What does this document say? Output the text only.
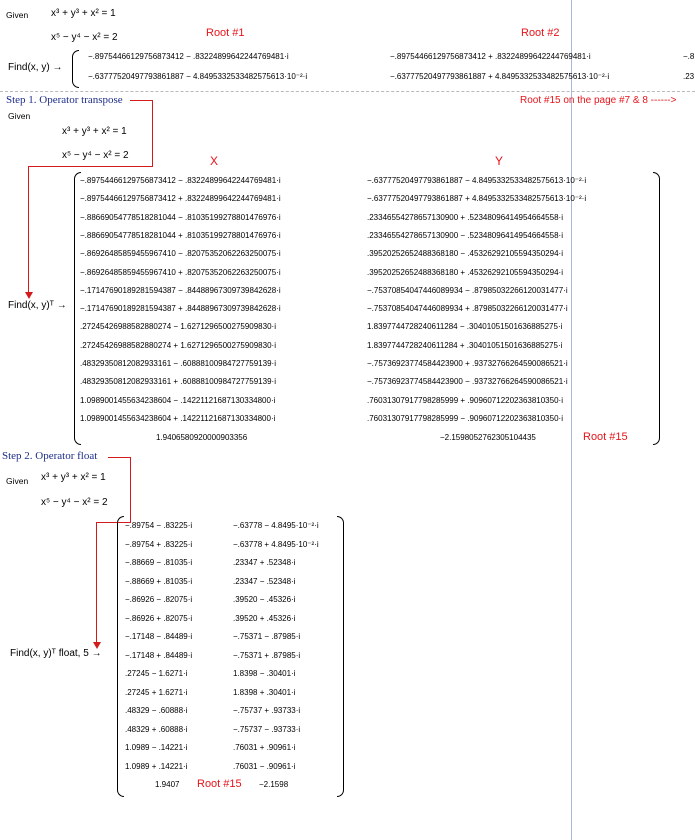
Given x³ + y³ + x² = 1
x⁵ − y⁴ − x² = 2	Root #1	Root #2
Find(x, y) →
−.89754466129756873412 − .83224899642244769481·i	−.89754466129756873412 + .83224899642244769481·i	−.8
−.63777520497793861887 − 4.8495332533482575613·10⁻²·i	−.63777520497793861887 + 4.8495332533482575613·10⁻²·i	.23
Step 1. Operator transpose	Root #15 on the page #7 & 8 ------>
Given
x³ + y³ + x² = 1
x⁵ − y⁴ − x² = 2	X	Y
Find(x, y)ᵀ →
−.89754466129756873412 − .83224899642244769481·i	−.63777520497793861887 − 4.8495332533482575613·10⁻²·i
−.89754466129756873412 + .83224899642244769481·i	−.63777520497793861887 + 4.8495332533482575613·10⁻²·i
−.88669054778518281044 − .81035199278801476976·i	.23346554278657130900 + .52348096414954664558·i
−.88669054778518281044 + .81035199278801476976·i	.23346554278657130900 − .52348096414954664558·i
−.86926485859455967410 − .82075352062263250075·i	.39520252652488368180 − .45326292105594350294·i
−.86926485859455967410 + .82075352062263250075·i	.39520252652488368180 + .45326292105594350294·i
−.17147690189281594387 − .84488967309739842628·i	−.75370854047446089934 − .87985032266120031477·i
−.17147690189281594387 + .84488967309739842628·i	−.75370854047446089934 + .87985032266120031477·i
.27245426988582880274 − 1.6271296500275909830·i	1.8397744728240611284 − .30401051501636885275·i
.27245426988582880274 + 1.6271296500275909830·i	1.8397744728240611284 + .30401051501636885275·i
.48329350812082933161 − .60888100984727759139·i	−.75736923774584423900 + .93732766264590086521·i
.48329350812082933161 + .60888100984727759139·i	−.75736923774584423900 − .93732766264590086521·i
1.0989001455634238604 − .14221121687130334800·i	.76031307917798285999 + .90960712202363810350·i
1.0989001455634238604 + .14221121687130334800·i	.76031307917798285999 − .90960712202363810350·i
1.9406580920000903356	−2.1598052762305104435	Root #15
Step 2. Operator float
Given x³ + y³ + x² = 1
x⁵ − y⁴ − x² = 2
Find(x, y)ᵀ float, 5 →
−.89754 − .83225·i	−.63778 − 4.8495·10⁻²·i
−.89754 + .83225·i	−.63778 + 4.8495·10⁻²·i
−.88669 − .81035·i	.23347 + .52348·i
−.88669 + .81035·i	.23347 − .52348·i
−.86926 − .82075·i	.39520 − .45326·i
−.86926 + .82075·i	.39520 + .45326·i
−.17148 − .84489·i	−.75371 − .87985·i
−.17148 + .84489·i	−.75371 + .87985·i
.27245 − 1.6271·i	1.8398 − .30401·i
.27245 + 1.6271·i	1.8398 + .30401·i
.48329 − .60888·i	−.75737 + .93733·i
.48329 + .60888·i	−.75737 − .93733·i
1.0989 − .14221·i	.76031 + .90961·i
1.0989 + .14221·i	.76031 − .90961·i
1.9407	−2.1598
Root #15
